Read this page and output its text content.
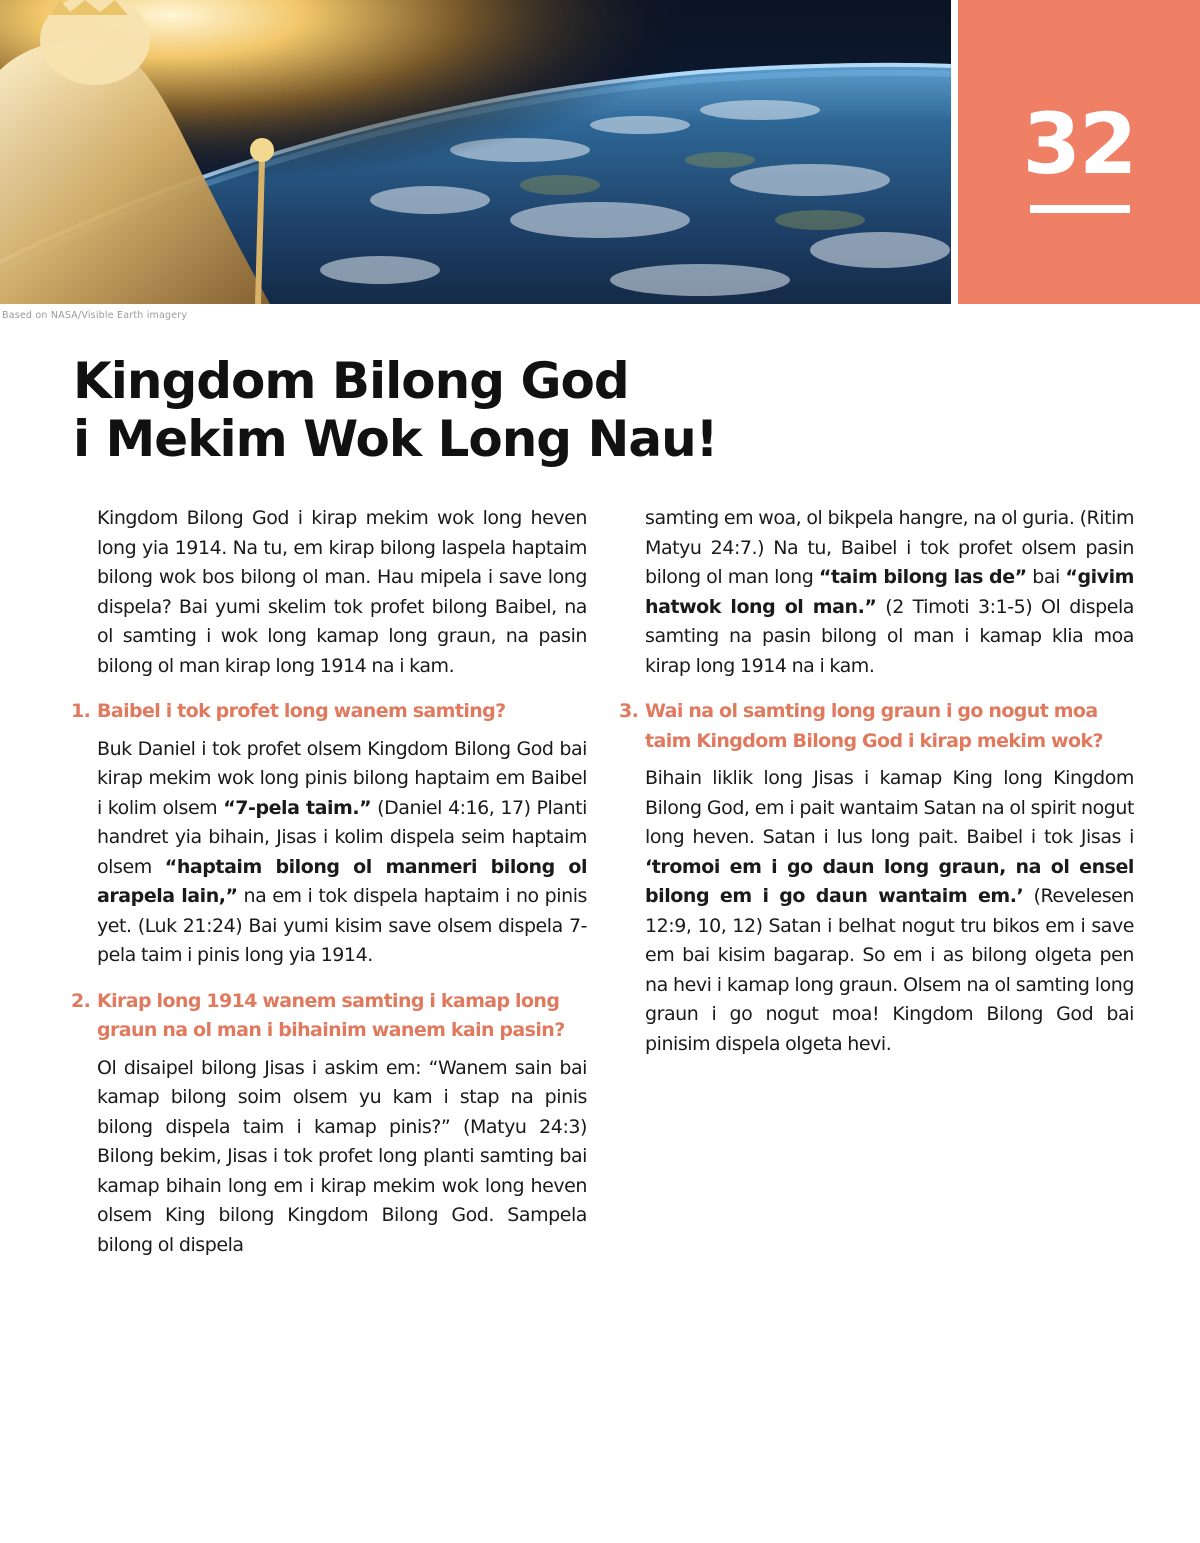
32
Based on NASA/Visible Earth imagery
Kingdom Bilong God
i Mekim Wok Long Nau!

Kingdom Bilong God i kirap mekim wok long heven long yia 1914. Na tu, em kirap bilong laspela haptaim bilong wok bos bilong ol man. Hau mipela i save long dispela? Bai yumi skelim tok profet bilong Baibel, na ol samting i wok long kamap long graun, na pasin bilong ol man kirap long 1914 na i kam.

1. Baibel i tok profet long wanem samting?

Buk Daniel i tok profet olsem Kingdom Bilong God bai kirap mekim wok long pinis bilong haptaim em Baibel i kolim olsem “7-pela taim.” (Daniel 4:16, 17) Planti handret yia bihain, Jisas i kolim dispela seim haptaim olsem “haptaim bilong ol manmeri bilong ol arapela lain,” na em i tok dispela haptaim i no pinis yet. (Luk 21:24) Bai yumi kisim save olsem dispela 7-pela taim i pinis long yia 1914.

2. Kirap long 1914 wanem samting i kamap long graun na ol man i bihainim wanem kain pasin?

Ol disaipel bilong Jisas i askim em: “Wanem sain bai kamap bilong soim olsem yu kam i stap na pinis bilong dispela taim i kamap pinis?” (Matyu 24:3) Bilong bekim, Jisas i tok profet long planti samting bai kamap bihain long em i kirap mekim wok long heven olsem King bilong Kingdom Bilong God. Sampela bilong ol dispela

samting em woa, ol bikpela hangre, na ol guria. (Ritim Matyu 24:7.) Na tu, Baibel i tok profet olsem pasin bilong ol man long “taim bilong las de” bai “givim hatwok long ol man.” (2 Timoti 3:1-5) Ol dispela samting na pasin bilong ol man i kamap klia moa kirap long 1914 na i kam.

3. Wai na ol samting long graun i go nogut moa taim Kingdom Bilong God i kirap mekim wok?

Bihain liklik long Jisas i kamap King long Kingdom Bilong God, em i pait wantaim Satan na ol spirit nogut long heven. Satan i lus long pait. Baibel i tok Jisas i ‘tromoi em i go daun long graun, na ol ensel bilong em i go daun wantaim em.’ (Revelesen 12:9, 10, 12) Satan i belhat nogut tru bikos em i save em bai kisim bagarap. So em i as bilong olgeta pen na hevi i kamap long graun. Olsem na ol samting long graun i go nogut moa! Kingdom Bilong God bai pinisim dispela olgeta hevi.
